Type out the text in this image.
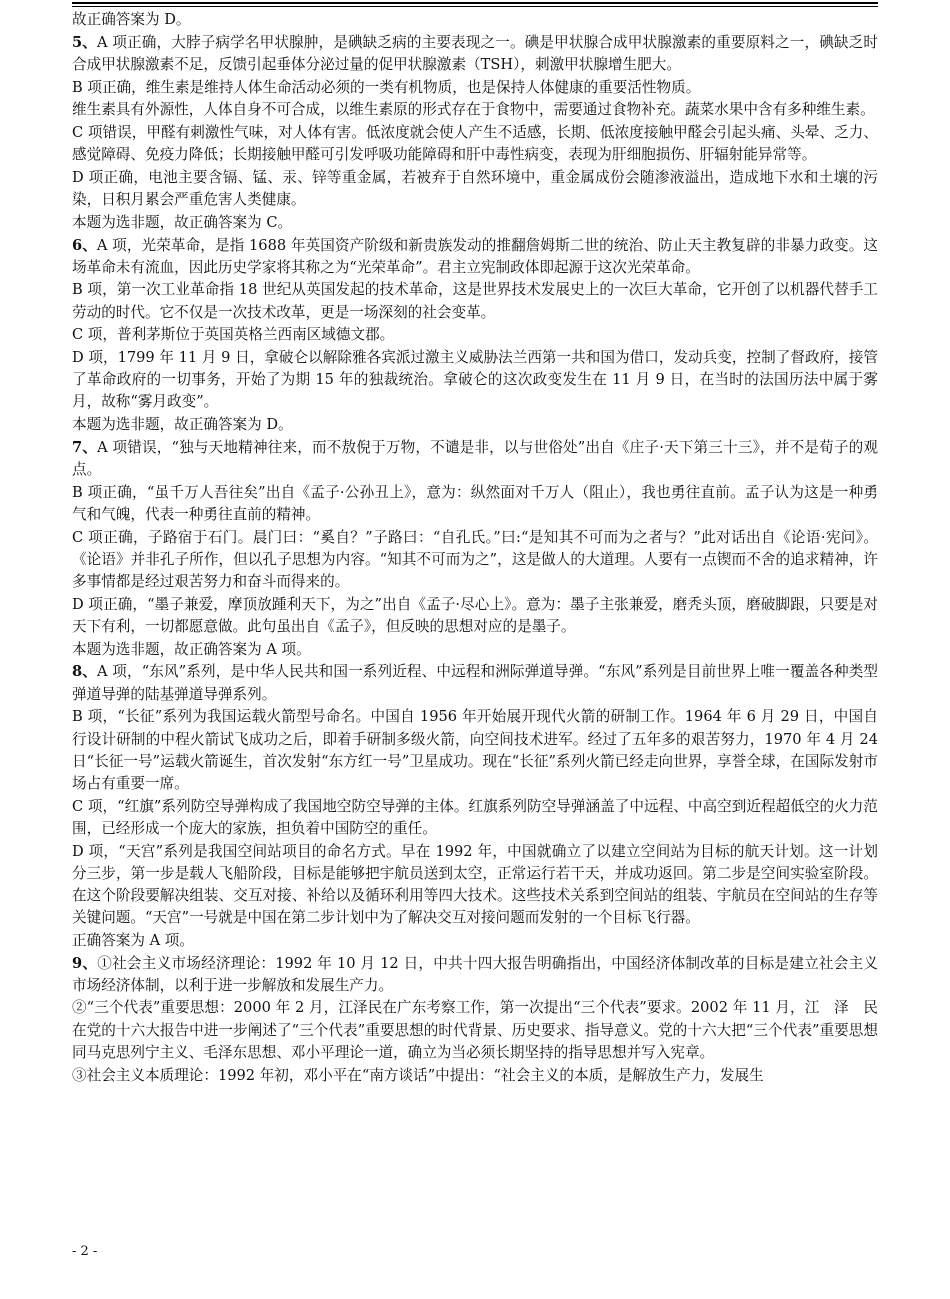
故正确答案为 D。

5、A 项正确，大脖子病学名甲状腺肿，是碘缺乏病的主要表现之一。碘是甲状腺合成甲状腺激素的重要原料之一，碘缺乏时合成甲状腺激素不足，反馈引起垂体分泌过量的促甲状腺激素（TSH），刺激甲状腺增生肥大。

B 项正确，维生素是维持人体生命活动必须的一类有机物质，也是保持人体健康的重要活性物质。

维生素具有外源性，人体自身不可合成，以维生素原的形式存在于食物中，需要通过食物补充。蔬菜水果中含有多种维生素。

C 项错误，甲醛有刺激性气味，对人体有害。低浓度就会使人产生不适感，长期、低浓度接触甲醛会引起头痛、头晕、乏力、感觉障碍、免疫力降低；长期接触甲醛可引发呼吸功能障碍和肝中毒性病变，表现为肝细胞损伤、肝辐射能异常等。

D 项正确，电池主要含镉、锰、汞、锌等重金属，若被弃于自然环境中，重金属成份会随渗液溢出，造成地下水和土壤的污染，日积月累会严重危害人类健康。

本题为选非题，故正确答案为 C。

6、A 项，光荣革命，是指 1688 年英国资产阶级和新贵族发动的推翻詹姆斯二世的统治、防止天主教复辟的非暴力政变。这场革命未有流血，因此历史学家将其称之为“光荣革命”。君主立宪制政体即起源于这次光荣革命。

B 项，第一次工业革命指 18 世纪从英国发起的技术革命，这是世界技术发展史上的一次巨大革命，它开创了以机器代替手工劳动的时代。它不仅是一次技术改革，更是一场深刻的社会变革。

C 项，普利茅斯位于英国英格兰西南区域德文郡。

D 项，1799 年 11 月 9 日，拿破仑以解除雅各宾派过激主义威胁法兰西第一共和国为借口，发动兵变，控制了督政府，接管了革命政府的一切事务，开始了为期 15 年的独裁统治。拿破仑的这次政变发生在 11 月 9 日，在当时的法国历法中属于雾月，故称“雾月政变”。

本题为选非题，故正确答案为 D。

7、A 项错误，“独与天地精神往来，而不敖倪于万物，不谴是非，以与世俗处”出自《庄子·天下第三十三》，并不是荀子的观点。

B 项正确，“虽千万人吾往矣”出自《孟子·公孙丑上》，意为：纵然面对千万人（阻止），我也勇往直前。孟子认为这是一种勇气和气魄，代表一种勇往直前的精神。

C 项正确，子路宿于石门。晨门曰：“奚自？”子路曰：“自孔氏。”曰:“是知其不可而为之者与？”此对话出自《论语·宪问》。《论语》并非孔子所作，但以孔子思想为内容。“知其不可而为之”，这是做人的大道理。人要有一点锲而不舍的追求精神，许多事情都是经过艰苦努力和奋斗而得来的。

D 项正确，“墨子兼爱，摩顶放踵利天下，为之”出自《孟子·尽心上》。意为：墨子主张兼爱，磨秃头顶，磨破脚跟，只要是对天下有利，一切都愿意做。此句虽出自《孟子》，但反映的思想对应的是墨子。

本题为选非题，故正确答案为 A 项。

8、A 项，“东风”系列，是中华人民共和国一系列近程、中远程和洲际弹道导弹。“东风”系列是目前世界上唯一覆盖各种类型弹道导弹的陆基弹道导弹系列。

B 项，“长征”系列为我国运载火箭型号命名。中国自 1956 年开始展开现代火箭的研制工作。1964 年 6 月 29 日，中国自行设计研制的中程火箭试飞成功之后，即着手研制多级火箭，向空间技术进军。经过了五年多的艰苦努力，1970 年 4 月 24 日“长征一号”运载火箭诞生，首次发射“东方红一号”卫星成功。现在“长征”系列火箭已经走向世界，享誉全球，在国际发射市场占有重要一席。

C 项，“红旗”系列防空导弹构成了我国地空防空导弹的主体。红旗系列防空导弹涵盖了中远程、中高空到近程超低空的火力范围，已经形成一个庞大的家族，担负着中国防空的重任。

D 项，“天宫”系列是我国空间站项目的命名方式。早在 1992 年，中国就确立了以建立空间站为目标的航天计划。这一计划分三步，第一步是载人飞船阶段，目标是能够把宇航员送到太空，正常运行若干天，并成功返回。第二步是空间实验室阶段。在这个阶段要解决组装、交互对接、补给以及循环利用等四大技术。这些技术关系到空间站的组装、宇航员在空间站的生存等关键问题。“天宫”一号就是中国在第二步计划中为了解决交互对接问题而发射的一个目标飞行器。

正确答案为 A 项。

9、①社会主义市场经济理论：1992 年 10 月 12 日，中共十四大报告明确指出，中国经济体制改革的目标是建立社会主义市场经济体制，以利于进一步解放和发展生产力。

②“三个代表”重要思想：2000 年 2 月，江泽民在广东考察工作，第一次提出“三个代表”要求。2002 年 11 月，江　泽　民在党的十六大报告中进一步阐述了“三个代表”重要思想的时代背景、历史要求、指导意义。党的十六大把“三个代表”重要思想同马克思列宁主义、毛泽东思想、邓小平理论一道，确立为当必须长期坚持的指导思想并写入宪章。

③社会主义本质理论：1992 年初，邓小平在“南方谈话”中提出：“社会主义的本质，是解放生产力，发展生

- 2 -
